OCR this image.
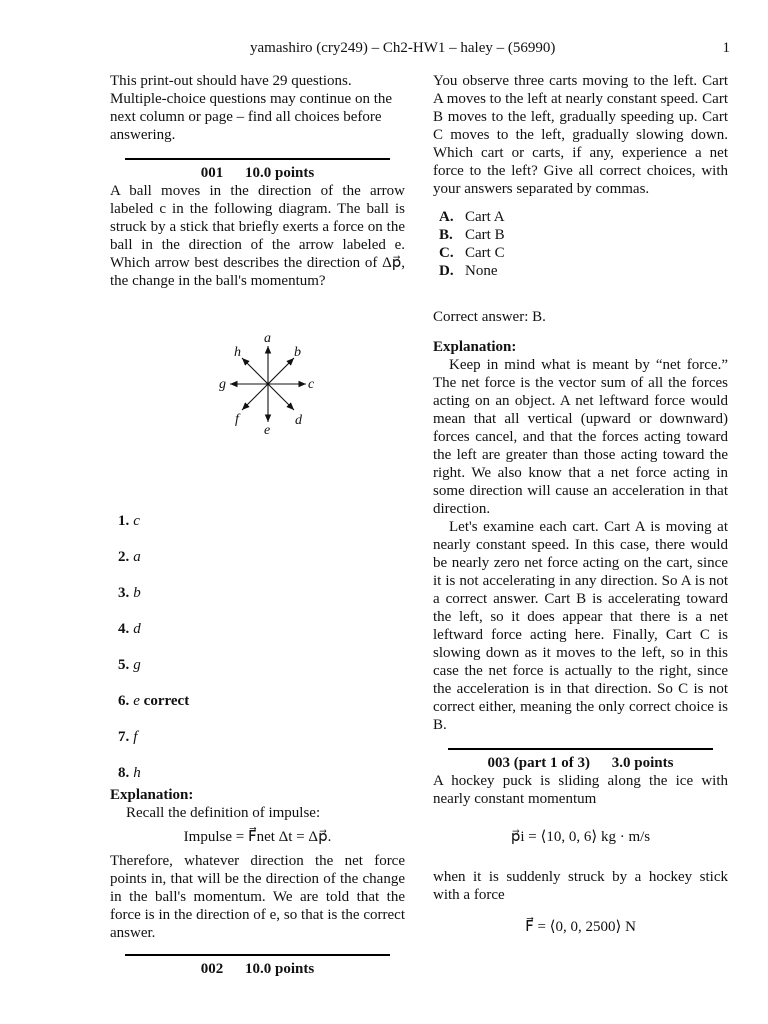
yamashiro (cry249) – Ch2-HW1 – haley – (56990)	1

This print-out should have 29 questions. Multiple-choice questions may continue on the next column or page – find all choices before answering.

001 10.0 points

A ball moves in the direction of the arrow labeled c in the following diagram. The ball is struck by a stick that briefly exerts a force on the ball in the direction of the arrow labeled e. Which arrow best describes the direction of Δp⃗, the change in the ball's momentum?

a
b
c
d
e
f
g
h
1. c
2. a
3. b
4. d
5. g
6. e correct
7. f
8. h
Explanation:

Recall the definition of impulse:

Impulse = F⃗net Δt = Δp⃗.

Therefore, whatever direction the net force points in, that will be the direction of the change in the ball's momentum. We are told that the force is in the direction of e, so that is the correct answer.

002 10.0 points

You observe three carts moving to the left. Cart A moves to the left at nearly constant speed. Cart B moves to the left, gradually speeding up. Cart C moves to the left, gradually slowing down. Which cart or carts, if any, experience a net force to the left? Give all correct choices, with your answers separated by commas.

A. Cart A
B. Cart B
C. Cart C
D. None

Correct answer: B.

Explanation:

Keep in mind what is meant by “net force.” The net force is the vector sum of all the forces acting on an object. A net leftward force would mean that all vertical (upward or downward) forces cancel, and that the forces acting toward the left are greater than those acting toward the right. We also know that a net force acting in some direction will cause an acceleration in that direction.

Let's examine each cart. Cart A is moving at nearly constant speed. In this case, there would be nearly zero net force acting on the cart, since it is not accelerating in any direction. So A is not a correct answer. Cart B is accelerating toward the left, so it does appear that there is a net leftward force acting here. Finally, Cart C is slowing down as it moves to the left, so in this case the net force is actually to the right, since the acceleration is in that direction. So C is not correct either, meaning the only correct choice is B.

003 (part 1 of 3) 3.0 points

A hockey puck is sliding along the ice with nearly constant momentum

p⃗i = ⟨10, 0, 6⟩ kg · m/s

when it is suddenly struck by a hockey stick with a force

F⃗ = ⟨0, 0, 2500⟩ N
